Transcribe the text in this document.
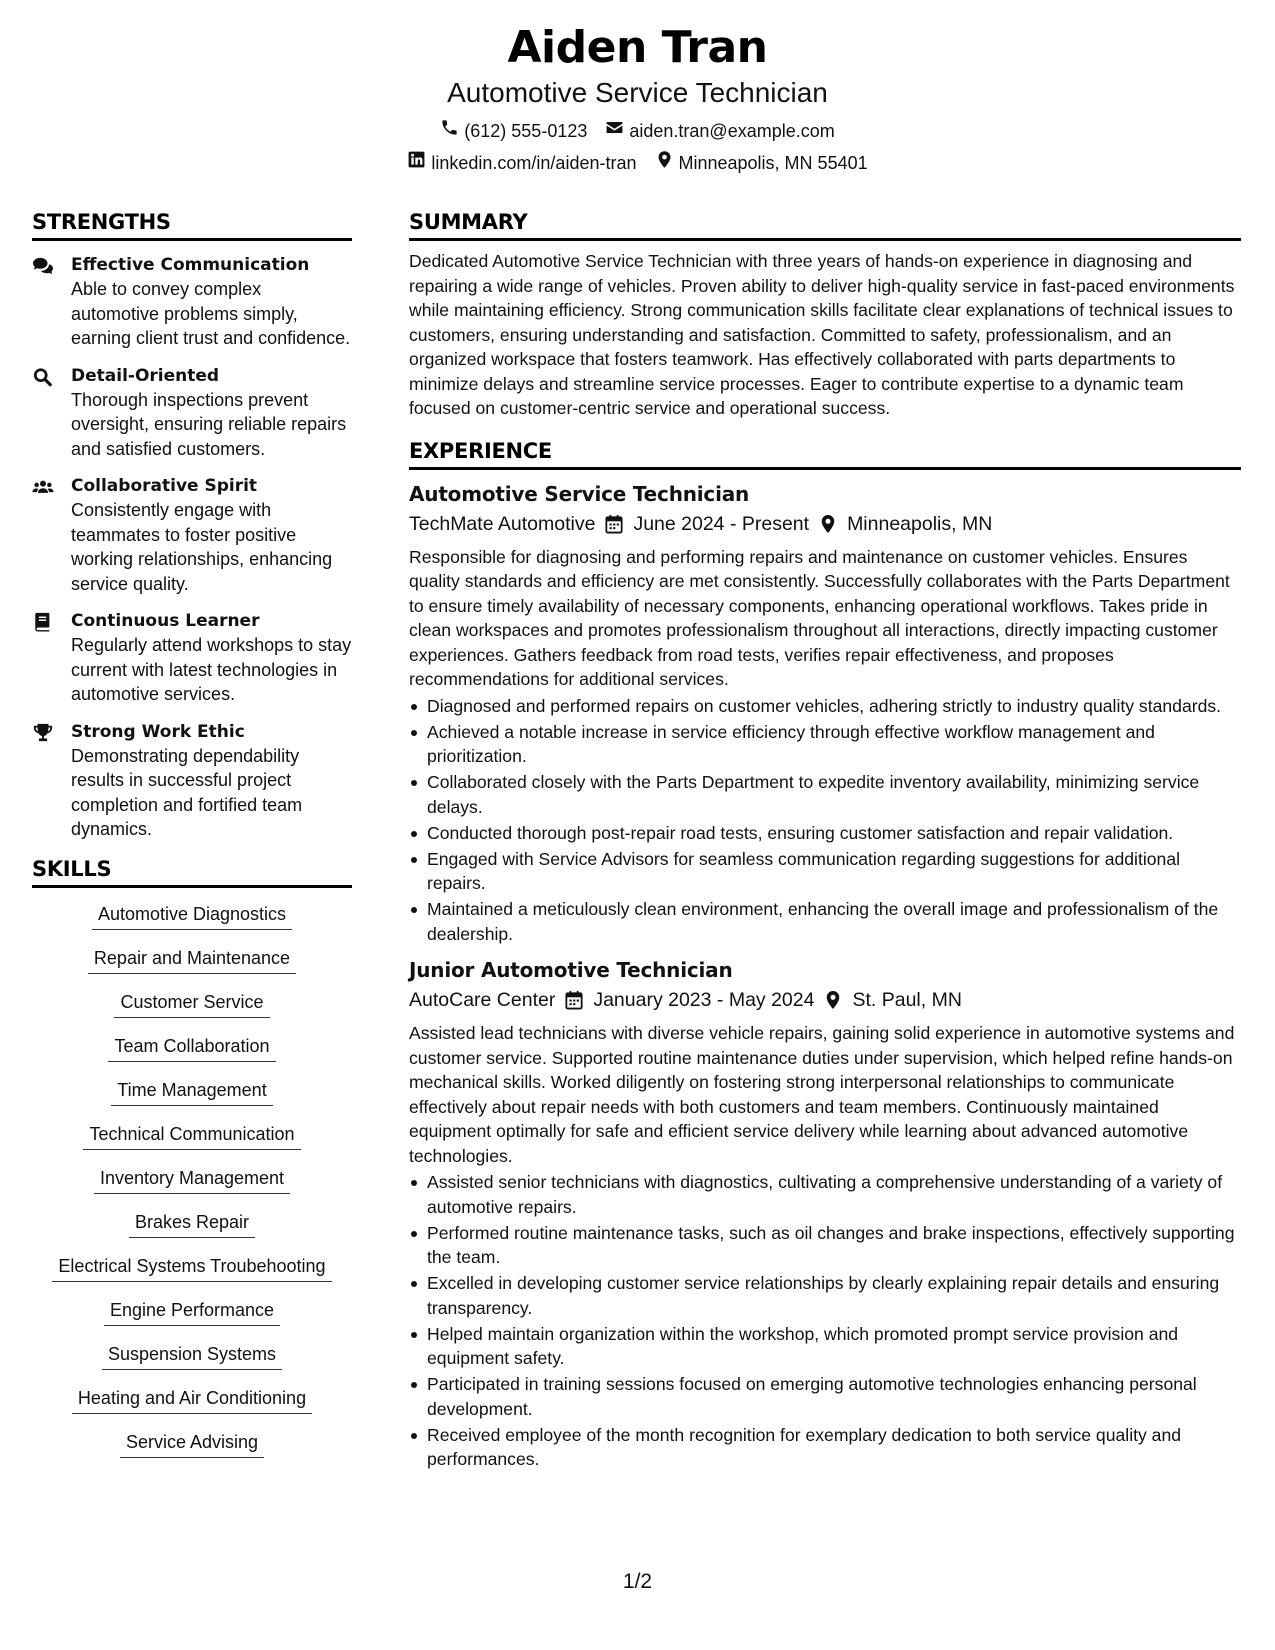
Aiden Tran
Automotive Service Technician
(612) 555-0123 aiden.tran@example.com
linkedin.com/in/aiden-tran Minneapolis, MN 55401
STRENGTHS
Effective Communication
Able to convey complex automotive problems simply, earning client trust and confidence.
Detail-Oriented
Thorough inspections prevent oversight, ensuring reliable repairs and satisfied customers.
Collaborative Spirit
Consistently engage with teammates to foster positive working relationships, enhancing service quality.
Continuous Learner
Regularly attend workshops to stay current with latest technologies in automotive services.
Strong Work Ethic
Demonstrating dependability results in successful project completion and fortified team dynamics.
SKILLS
Automotive Diagnostics
Repair and Maintenance
Customer Service
Team Collaboration
Time Management
Technical Communication
Inventory Management
Brakes Repair
Electrical Systems Troubehooting
Engine Performance
Suspension Systems
Heating and Air Conditioning
Service Advising
SUMMARY
Dedicated Automotive Service Technician with three years of hands-on experience in diagnosing and repairing a wide range of vehicles. Proven ability to deliver high-quality service in fast-paced environments while maintaining efficiency. Strong communication skills facilitate clear explanations of technical issues to customers, ensuring understanding and satisfaction. Committed to safety, professionalism, and an organized workspace that fosters teamwork. Has effectively collaborated with parts departments to minimize delays and streamline service processes. Eager to contribute expertise to a dynamic team focused on customer-centric service and operational success.
EXPERIENCE
Automotive Service Technician
TechMate Automotive June 2024 - Present Minneapolis, MN
Responsible for diagnosing and performing repairs and maintenance on customer vehicles. Ensures quality standards and efficiency are met consistently. Successfully collaborates with the Parts Department to ensure timely availability of necessary components, enhancing operational workflows. Takes pride in clean workspaces and promotes professionalism throughout all interactions, directly impacting customer experiences. Gathers feedback from road tests, verifies repair effectiveness, and proposes recommendations for additional services.
Diagnosed and performed repairs on customer vehicles, adhering strictly to industry quality standards.
Achieved a notable increase in service efficiency through effective workflow management and prioritization.
Collaborated closely with the Parts Department to expedite inventory availability, minimizing service delays.
Conducted thorough post-repair road tests, ensuring customer satisfaction and repair validation.
Engaged with Service Advisors for seamless communication regarding suggestions for additional repairs.
Maintained a meticulously clean environment, enhancing the overall image and professionalism of the dealership.
Junior Automotive Technician
AutoCare Center January 2023 - May 2024 St. Paul, MN
Assisted lead technicians with diverse vehicle repairs, gaining solid experience in automotive systems and customer service. Supported routine maintenance duties under supervision, which helped refine hands-on mechanical skills. Worked diligently on fostering strong interpersonal relationships to communicate effectively about repair needs with both customers and team members. Continuously maintained equipment optimally for safe and efficient service delivery while learning about advanced automotive technologies.
Assisted senior technicians with diagnostics, cultivating a comprehensive understanding of a variety of automotive repairs.
Performed routine maintenance tasks, such as oil changes and brake inspections, effectively supporting the team.
Excelled in developing customer service relationships by clearly explaining repair details and ensuring transparency.
Helped maintain organization within the workshop, which promoted prompt service provision and equipment safety.
Participated in training sessions focused on emerging automotive technologies enhancing personal development.
Received employee of the month recognition for exemplary dedication to both service quality and performances.
1/2
